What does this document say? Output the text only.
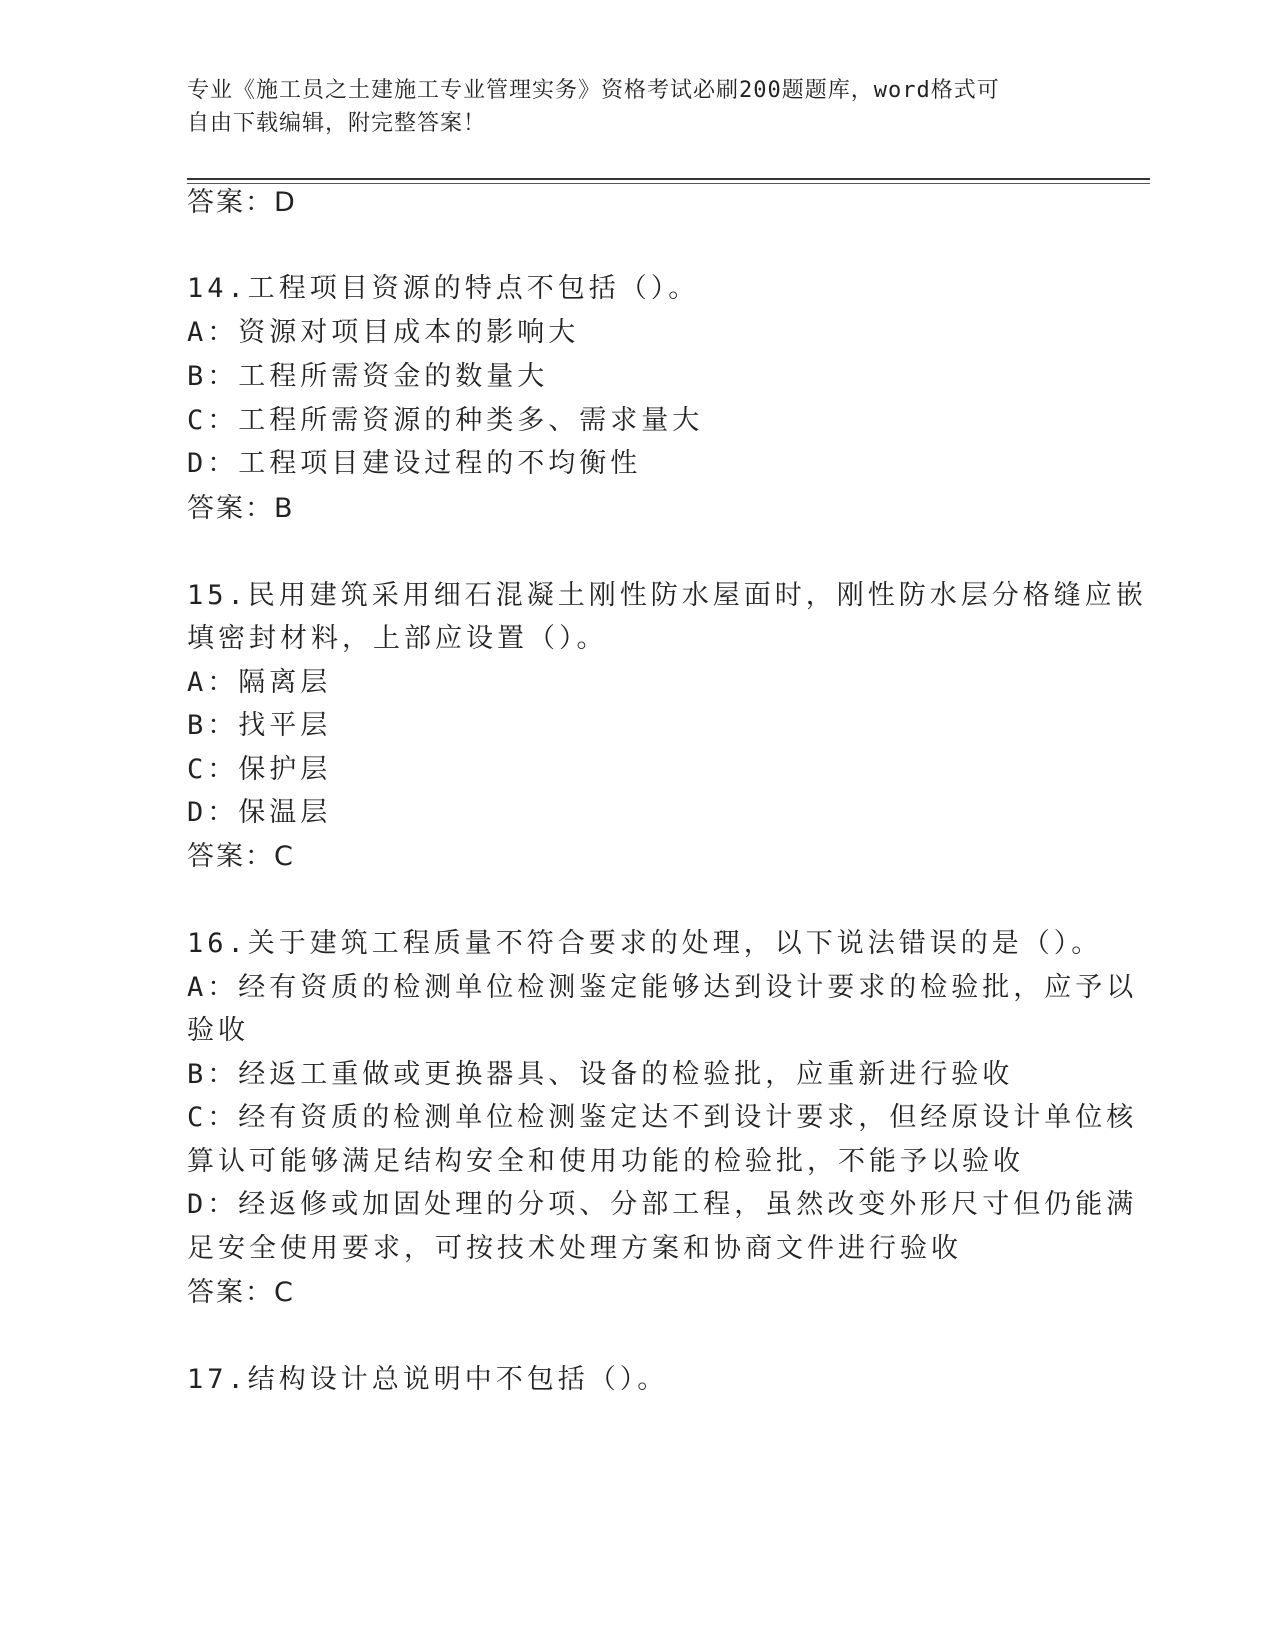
专业《施工员之土建施工专业管理实务》资格考试必刷200题题库，word格式可
自由下载编辑，附完整答案！
答案：D
14.工程项目资源的特点不包括（）。
A：资源对项目成本的影响大
B：工程所需资金的数量大
C：工程所需资源的种类多、需求量大
D：工程项目建设过程的不均衡性
答案：B
15.民用建筑采用细石混凝土刚性防水屋面时，刚性防水层分格缝应嵌
填密封材料，上部应设置（）。
A：隔离层
B：找平层
C：保护层
D：保温层
答案：C
16.关于建筑工程质量不符合要求的处理，以下说法错误的是（）。
A：经有资质的检测单位检测鉴定能够达到设计要求的检验批，应予以
验收
B：经返工重做或更换器具、设备的检验批，应重新进行验收
C：经有资质的检测单位检测鉴定达不到设计要求，但经原设计单位核
算认可能够满足结构安全和使用功能的检验批，不能予以验收
D：经返修或加固处理的分项、分部工程，虽然改变外形尺寸但仍能满
足安全使用要求，可按技术处理方案和协商文件进行验收
答案：C
17.结构设计总说明中不包括（）。
